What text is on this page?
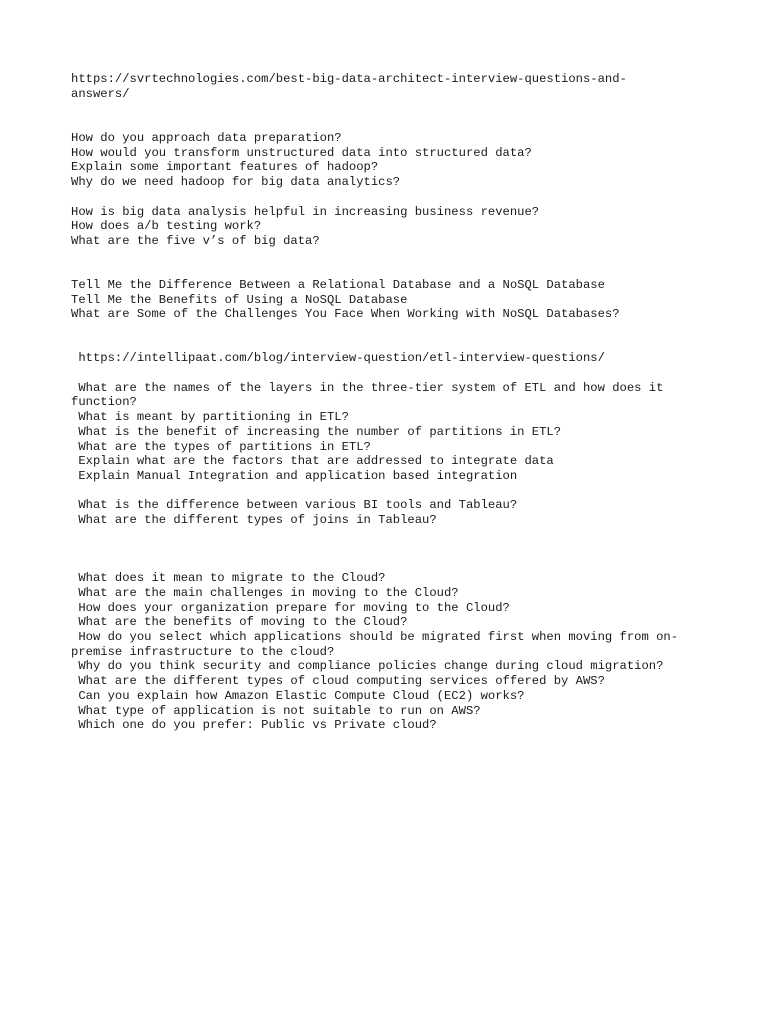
https://svrtechnologies.com/best-big-data-architect-interview-questions-and-

answers/

How do you approach data preparation?

How would you transform unstructured data into structured data?

Explain some important features of hadoop?

Why do we need hadoop for big data analytics?

How is big data analysis helpful in increasing business revenue?

How does a/b testing work?

What are the five v’s of big data?

Tell Me the Difference Between a Relational Database and a NoSQL Database

Tell Me the Benefits of Using a NoSQL Database

What are Some of the Challenges You Face When Working with NoSQL Databases?

https://intellipaat.com/blog/interview-question/etl-interview-questions/

What are the names of the layers in the three-tier system of ETL and how does it

function?

What is meant by partitioning in ETL?

What is the benefit of increasing the number of partitions in ETL?

What are the types of partitions in ETL?

Explain what are the factors that are addressed to integrate data

Explain Manual Integration and application based integration

What is the difference between various BI tools and Tableau?

What are the different types of joins in Tableau?

What does it mean to migrate to the Cloud?

What are the main challenges in moving to the Cloud?

How does your organization prepare for moving to the Cloud?

What are the benefits of moving to the Cloud?

How do you select which applications should be migrated first when moving from on-

premise infrastructure to the cloud?

Why do you think security and compliance policies change during cloud migration?

What are the different types of cloud computing services offered by AWS?

Can you explain how Amazon Elastic Compute Cloud (EC2) works?

What type of application is not suitable to run on AWS?

Which one do you prefer: Public vs Private cloud?
